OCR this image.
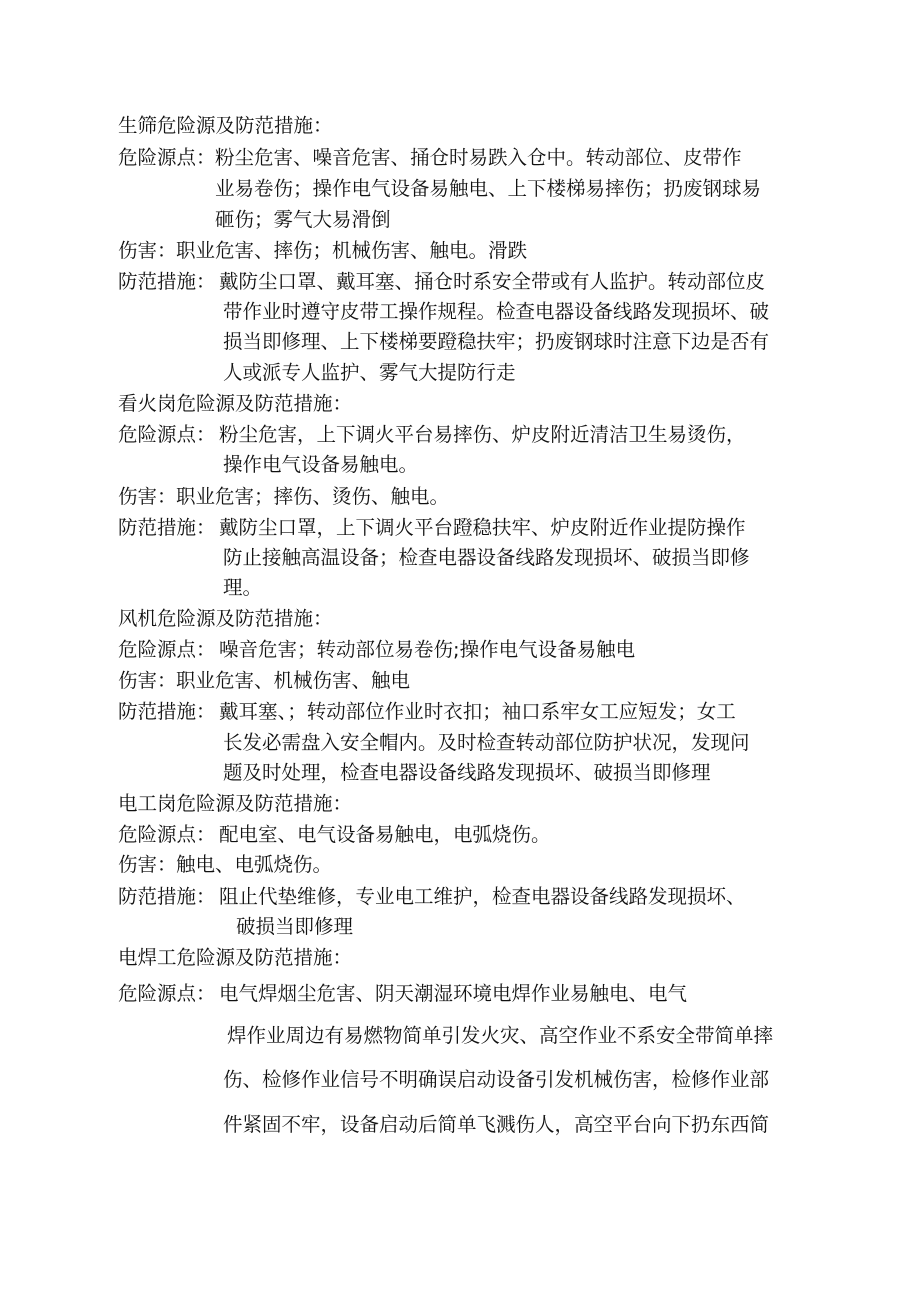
生筛危险源及防范措施：
危险源点： 粉尘危害、噪音危害、捅仓时易跌入仓中。转动部位、皮带作
业易卷伤；操作电气设备易触电、上下楼梯易摔伤；扔废钢球易
砸伤；雾气大易滑倒
伤害： 职业危害、摔伤；机械伤害、触电。滑跌
防范措施： 戴防尘口罩、戴耳塞、捅仓时系安全带或有人监护。转动部位皮
带作业时遵守皮带工操作规程。检查电器设备线路发现损坏、破
损当即修理、上下楼梯要蹬稳扶牢；扔废钢球时注意下边是否有
人或派专人监护、雾气大提防行走
看火岗危险源及防范措施：
危险源点： 粉尘危害，上下调火平台易摔伤、炉皮附近清洁卫生易烫伤，
操作电气设备易触电。
伤害： 职业危害；摔伤、烫伤、触电。
防范措施： 戴防尘口罩，上下调火平台蹬稳扶牢、炉皮附近作业提防操作
防止接触高温设备；检查电器设备线路发现损坏、破损当即修
理。
风机危险源及防范措施：
危险源点： 噪音危害；转动部位易卷伤;操作电气设备易触电
伤害： 职业危害、机械伤害、触电
防范措施： 戴耳塞、；转动部位作业时衣扣；袖口系牢女工应短发；女工
长发必需盘入安全帽内。及时检查转动部位防护状况，发现问
题及时处理，检查电器设备线路发现损坏、破损当即修理
电工岗危险源及防范措施：
危险源点： 配电室、电气设备易触电，电弧烧伤。
伤害： 触电、电弧烧伤。
防范措施： 阻止代垫维修，专业电工维护，检查电器设备线路发现损坏、
破损当即修理
电焊工危险源及防范措施：
危险源点： 电气焊烟尘危害、阴天潮湿环境电焊作业易触电、电气
焊作业周边有易燃物简单引发火灾、高空作业不系安全带简单摔
伤、检修作业信号不明确误启动设备引发机械伤害，检修作业部
件紧固不牢，设备启动后简单飞溅伤人，高空平台向下扔东西简
